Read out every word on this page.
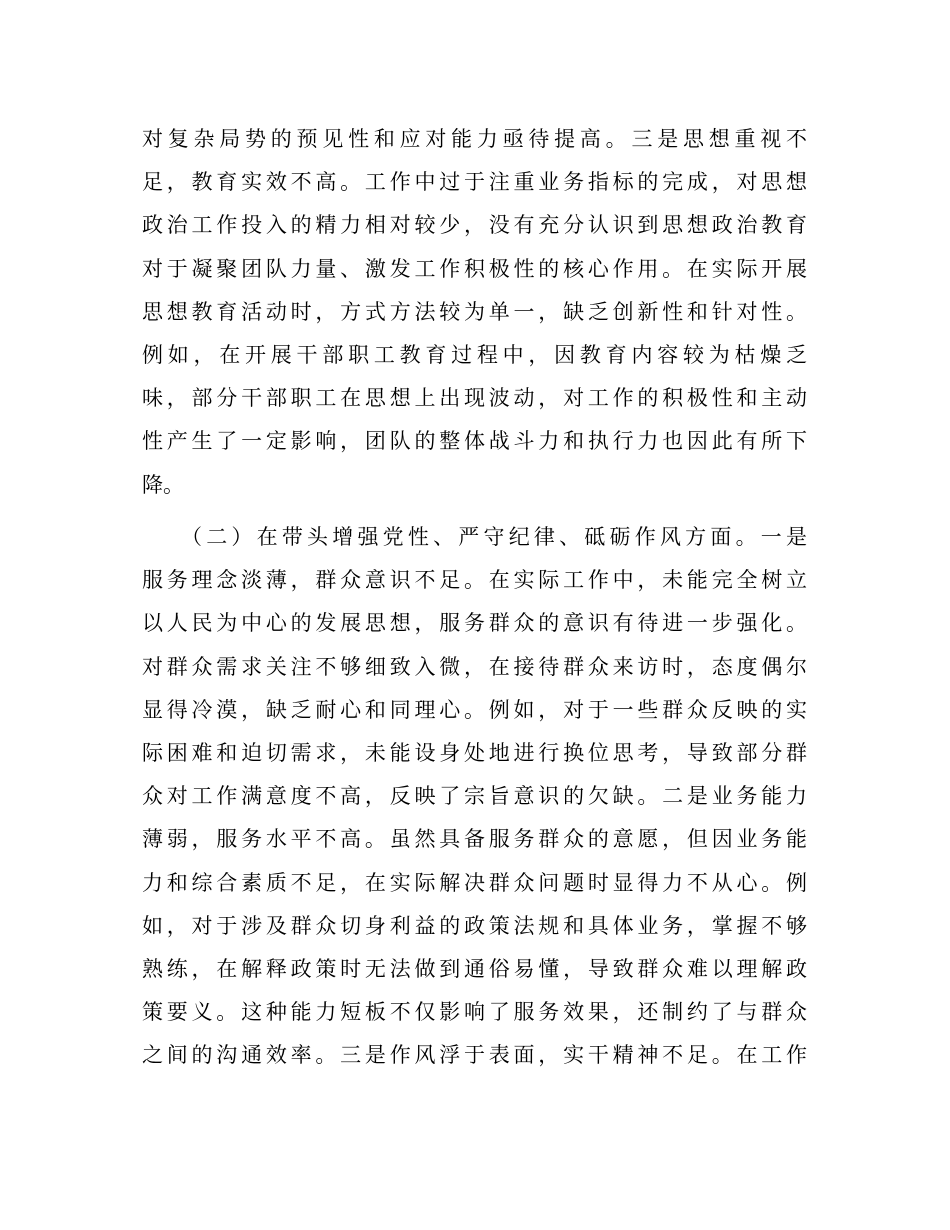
对复杂局势的预见性和应对能力亟待提高。三是思想重视不
足，教育实效不高。工作中过于注重业务指标的完成，对思想
政治工作投入的精力相对较少，没有充分认识到思想政治教育
对于凝聚团队力量、激发工作积极性的核心作用。在实际开展
思想教育活动时，方式方法较为单一，缺乏创新性和针对性。
例如，在开展干部职工教育过程中，因教育内容较为枯燥乏
味，部分干部职工在思想上出现波动，对工作的积极性和主动
性产生了一定影响，团队的整体战斗力和执行力也因此有所下
降。
（二）在带头增强党性、严守纪律、砥砺作风方面。一是
服务理念淡薄，群众意识不足。在实际工作中，未能完全树立
以人民为中心的发展思想，服务群众的意识有待进一步强化。
对群众需求关注不够细致入微，在接待群众来访时，态度偶尔
显得冷漠，缺乏耐心和同理心。例如，对于一些群众反映的实
际困难和迫切需求，未能设身处地进行换位思考，导致部分群
众对工作满意度不高，反映了宗旨意识的欠缺。二是业务能力
薄弱，服务水平不高。虽然具备服务群众的意愿，但因业务能
力和综合素质不足，在实际解决群众问题时显得力不从心。例
如，对于涉及群众切身利益的政策法规和具体业务，掌握不够
熟练，在解释政策时无法做到通俗易懂，导致群众难以理解政
策要义。这种能力短板不仅影响了服务效果，还制约了与群众
之间的沟通效率。三是作风浮于表面，实干精神不足。在工作
